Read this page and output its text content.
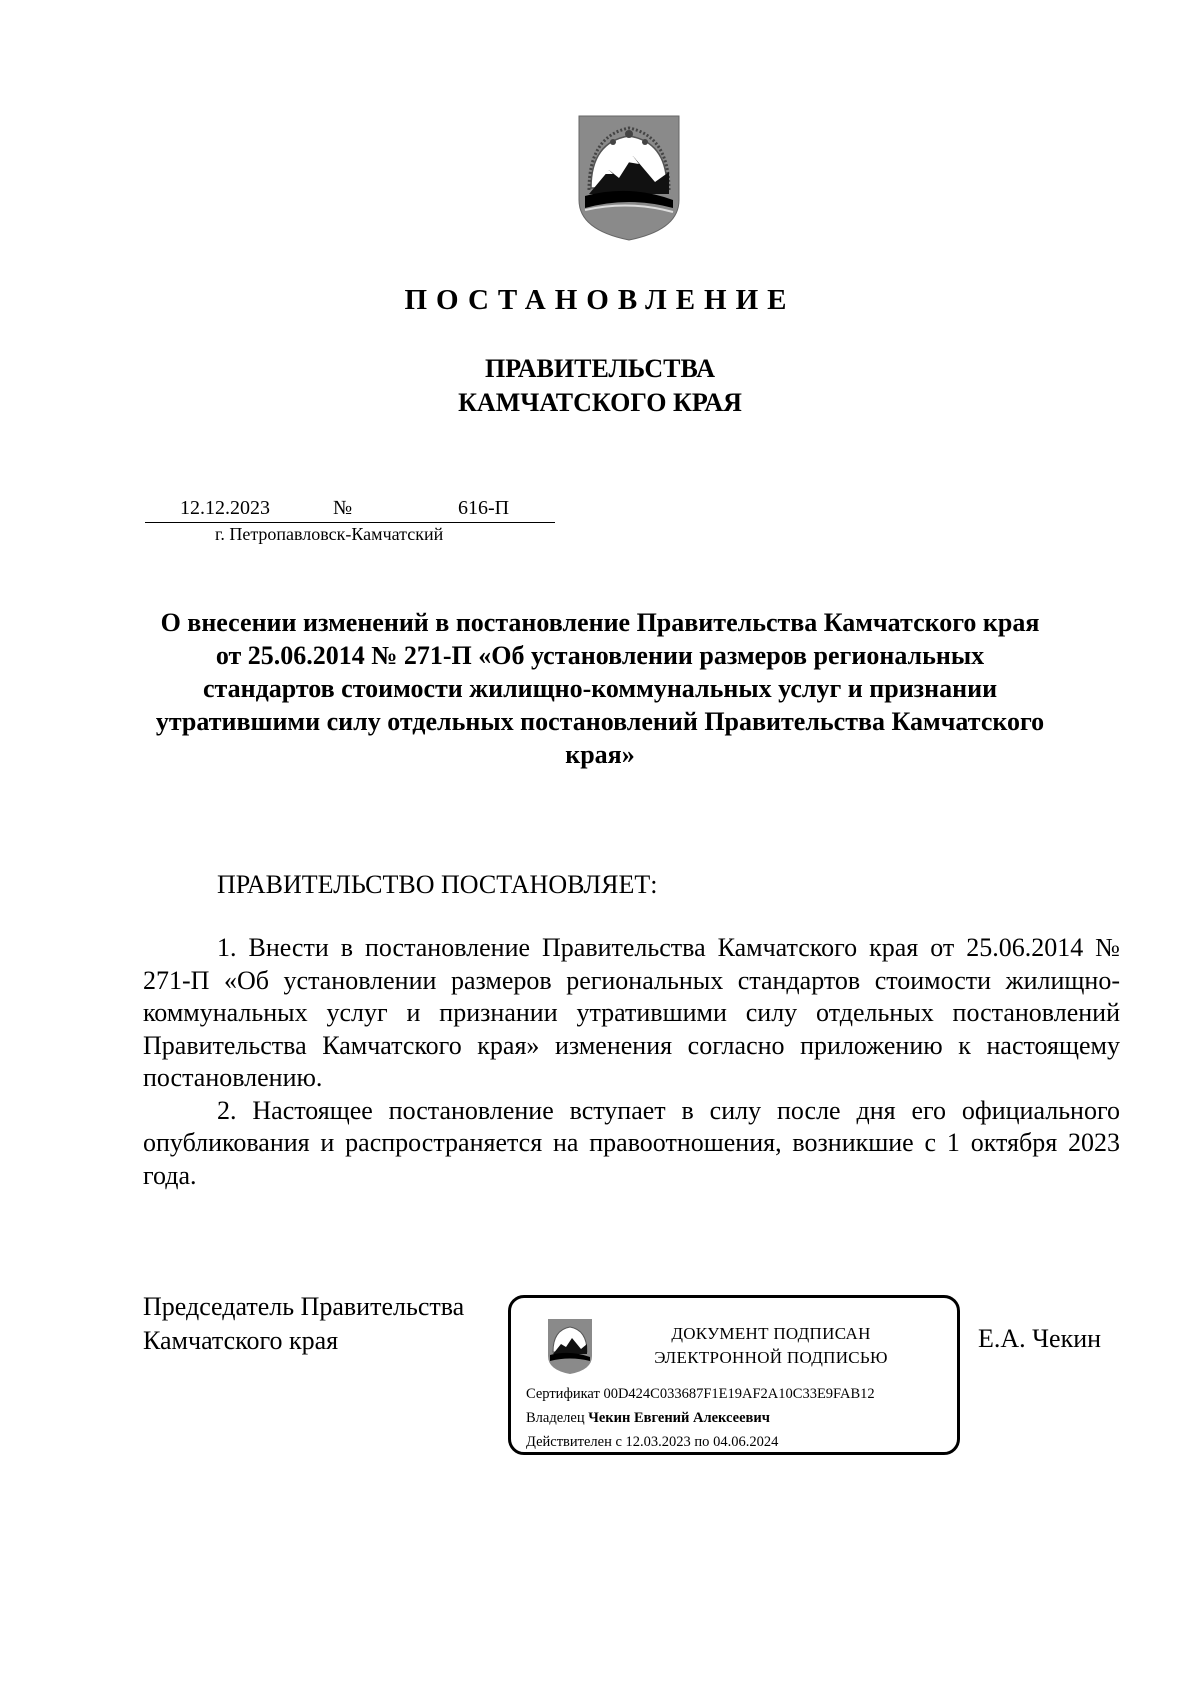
ПОСТАНОВЛЕНИЕ
ПРАВИТЕЛЬСТВА
КАМЧАТСКОГО КРАЯ
12.12.2023	№	616-П
г. Петропавловск-Камчатский
О внесении изменений в постановление Правительства Камчатского края от 25.06.2014 № 271-П «Об установлении размеров региональных стандартов стоимости жилищно-коммунальных услуг и признании утратившими силу отдельных постановлений Правительства Камчатского края»
ПРАВИТЕЛЬСТВО ПОСТАНОВЛЯЕТ:

1. Внести в постановление Правительства Камчатского края от 25.06.2014 № 271-П «Об установлении размеров региональных стандартов стоимости жилищно-коммунальных услуг и признании утратившими силу отдельных постановлений Правительства Камчатского края» изменения согласно приложению к настоящему постановлению.

2. Настоящее постановление вступает в силу после дня его официального опубликования и распространяется на правоотношения, возникшие с 1 октября 2023 года.

Председатель Правительства
Камчатского края	ДОКУМЕНТ ПОДПИСАН
ЭЛЕКТРОННОЙ ПОДПИСЬЮ
Сертификат 00D424C033687F1E19AF2A10C33E9FAB12
Владелец Чекин Евгений Алексеевич
Действителен с 12.03.2023 по 04.06.2024
Е.А. Чекин
